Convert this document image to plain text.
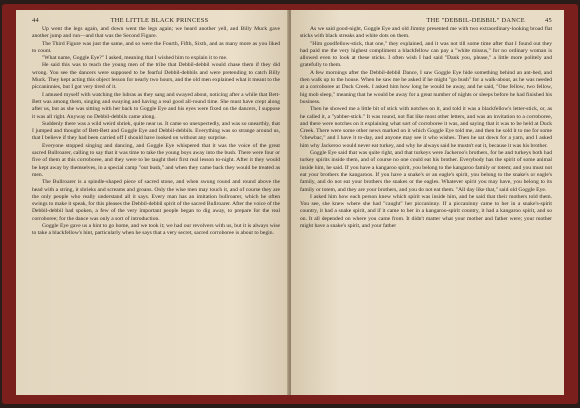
44	THE LITTLE BLACK PRINCESS

Up went the legs again, and down went the legs again; we heard another yell, and Billy Muck gave another jump and run—and that was the Second Figure.

The Third Figure was just the same, and so were the Fourth, Fifth, Sixth, and as many more as you liked to count.

"What name, Goggle Eye?" I asked, meaning that I wished him to explain it to me.

He said this was to teach the young men of the tribe that Debbil-debbil would chase them if they did wrong. You see the dancers were supposed to be fearful Debbil-debbils and were pretending to catch Billy Muck. They kept acting this object lesson for nearly two hours, and the old men explained what it meant to the piccaninnies, but I got very tired of it.

I amused myself with watching the lubras as they sang and swayed about, noticing after a while that Bett-Bett was among them, singing and swaying and having a real good all-round time. She must have crept along after us, but as she was sitting with her back to Goggle Eye and his eyes were fixed on the dancers, I suppose it was all right. Anyway no Debbil-debbils came along.

Suddenly there was a wild weird shriek, quite near us. It came so unexpectedly, and was so unearthly, that I jumped and thought of Bett-Bett and Goggle Eye and Debbil-debbils. Everything was so strange around us, that I believe if they had been carried off I should have looked on without any surprise.

Everyone stopped singing and dancing, and Goggle Eye whispered that it was the voice of the great sacred Bullroarer, calling to say that it was time to take the young boys away into the bush. There were four or five of them at this corroboree, and they were to be taught their first real lesson to-night. After it they would be kept away by themselves, in a special camp "out bush," and when they came back they would be treated as men.

The Bullroarer is a spindle-shaped piece of sacred stone, and when swung round and round above the head with a string, it shrieks and screams and groans. Only the wise men may touch it, and of course they are the only people who really understand all it says. Every man has an imitation bullroarer, which he often swings to make it speak, for this pleases the Debbil-debbil spirit of the sacred Bullroarer. After the voice of the Debbil-debbil had spoken, a few of the very important people began to dig away, to prepare for the real corroboree; for the dance was only a sort of introduction.

Goggle Eye gave us a hint to go home, and we took it; we had our revolvers with us, but it is always wise to take a blackfellow's hint, particularly when he says that a very secret, sacred corroboree is about to begin.

THE "DEBBIL-DEBBIL" DANCE	45

As we said good-night, Goggle Eye and old Jimmy presented me with two extraordinary-looking broad flat sticks with black streaks and white dots on them.

"Him goodfellow-stick, that one," they explained, and it was not till some time after that I found out they had paid me the very highest compliment a blackfellow can pay a "white missus," for no ordinary woman is allowed even to look at these sticks. I often wish I had said "Dank you, please," a little more politely and gratefully to them.

A few mornings after the Debbil-debbil Dance, I saw Goggle Eye hide something behind an ant-bed, and then walk up to the house. When he saw me he asked if he might "go bush" for a walk-about, as he was needed at a corroboree at Duck Creek. I asked him how long he would be away, and he said, "One fellow, two fellow, big mob sleep," meaning that he would be away for a great number of nights or sleeps before he had finished his business.

Then he showed me a little bit of stick with notches on it, and told it was a blackfellow's letter-stick, or, as he called it, a "yabber-stick." It was round, not flat like most other letters, and was an invitation to a corroboree, and there were notches on it explaining what sort of corroboree it was, and saying that it was to be held at Duck Creek. There were some other news marked on it which Goggle Eye told me, and then he sold it to me for some "chewbac," and I have it to-day, and anyone may see it who wishes. Then he sat down for a yarn, and I asked him why Jackeroo would never eat turkey, and why he always said he mustn't eat it, because it was his brother.

Goggle Eye said that was quite right, and that turkeys were Jackeroo's brothers, for he and turkeys both had turkey spirits inside them, and of course no one could eat his brother. Everybody has the spirit of some animal inside him, he said. If you have a kangaroo spirit, you belong to the kangaroo family or totem; and you must not eat your brothers the kangaroos. If you have a snake's or an eagle's spirit, you belong to the snake's or eagle's family, and do not eat your brothers the snakes or the eagles. Whatever spirit you may have, you belong to its family or totem, and they are your brothers, and you do not eat them. "All day like that," said old Goggle Eye.

I asked him how each person knew which spirit was inside him, and he said that their mothers told them. You see, she knew where she had "caught" her piccaninny. If a piccaninny came to her in a snake's-spirit country, it had a snake spirit, and if it came to her in a kangaroo-spirit country, it had a kangaroo spirit, and so on. It all depended on where you came from. It didn't matter what your mother and father were; your mother might have a snake's spirit, and your father
